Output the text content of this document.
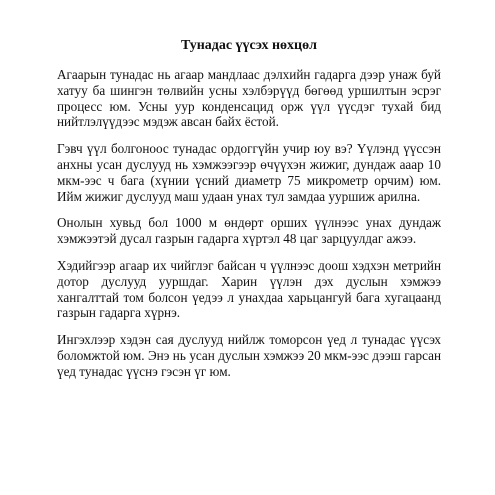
Тунадас үүсэх нөхцөл

Агаарын тунадас нь агаар мандлаас дэлхийн гадарга дээр унаж буй хатуу ба шингэн төлвийн усны хэлбэрүүд бөгөөд уршилтын эсрэг процесс юм. Усны уур конденсацид орж үүл үүсдэг тухай бид нийтлэлүүдээс мэдэж авсан байх ёстой.

Гэвч үүл болгоноос тунадас ордоггүйн учир юу вэ? Үүлэнд үүссэн анхны усан дуслууд нь хэмжээгээр өчүүхэн жижиг, дундаж ааар 10 мкм-ээс ч бага (хүнии үсний диаметр 75 микрометр орчим) юм. Ийм жижиг дуслууд маш удаан унах тул замдаа ууршиж арилна.

Онолын хувьд бол 1000 м өндөрт орших үүлнээс унах дундаж хэмжээтэй дусал газрын гадарга хүртэл 48 цаг зарцуулдаг ажээ.

Хэдийгээр агаар их чийглэг байсан ч үүлнээс доош хэдхэн метрийн дотор дуслууд ууршдаг. Харин үүлэн дэх дуслын хэмжээ хангалттай том болсон үедээ л унахдаа харьцангуй бага хугацаанд газрын гадарга хүрнэ.

Ингэхлээр хэдэн сая дуслууд нийлж томорсон үед л тунадас үүсэх боломжтой юм. Энэ нь усан дуслын хэмжээ 20 мкм-ээс дээш гарсан үед тунадас үүснэ гэсэн үг юм.
